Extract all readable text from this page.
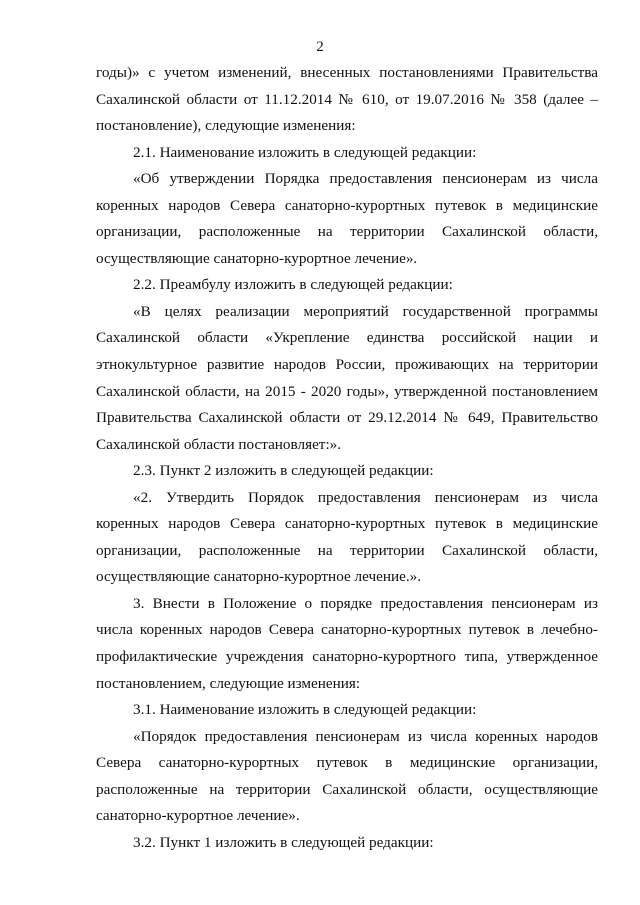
2

годы)» с учетом изменений, внесенных постановлениями Правительства Сахалинской области от 11.12.2014 № 610, от 19.07.2016 № 358 (далее – постановление), следующие изменения:

2.1. Наименование изложить в следующей редакции:

«Об утверждении Порядка предоставления пенсионерам из числа коренных народов Севера санаторно-курортных путевок в медицинские организации, расположенные на территории Сахалинской области, осуществляющие санаторно-курортное лечение».

2.2. Преамбулу изложить в следующей редакции:

«В целях реализации мероприятий государственной программы Сахалинской области «Укрепление единства российской нации и этнокультурное развитие народов России, проживающих на территории Сахалинской области, на 2015 - 2020 годы», утвержденной постановлением Правительства Сахалинской области от 29.12.2014 № 649, Правительство Сахалинской области постановляет:».

2.3. Пункт 2 изложить в следующей редакции:

«2. Утвердить Порядок предоставления пенсионерам из числа коренных народов Севера санаторно-курортных путевок в медицинские организации, расположенные на территории Сахалинской области, осуществляющие санаторно-курортное лечение.».

3. Внести в Положение о порядке предоставления пенсионерам из числа коренных народов Севера санаторно-курортных путевок в лечебно-профилактические учреждения санаторно-курортного типа, утвержденное постановлением, следующие изменения:

3.1. Наименование изложить в следующей редакции:

«Порядок предоставления пенсионерам из числа коренных народов Севера санаторно-курортных путевок в медицинские организации, расположенные на территории Сахалинской области, осуществляющие санаторно-курортное лечение».

3.2. Пункт 1 изложить в следующей редакции:
